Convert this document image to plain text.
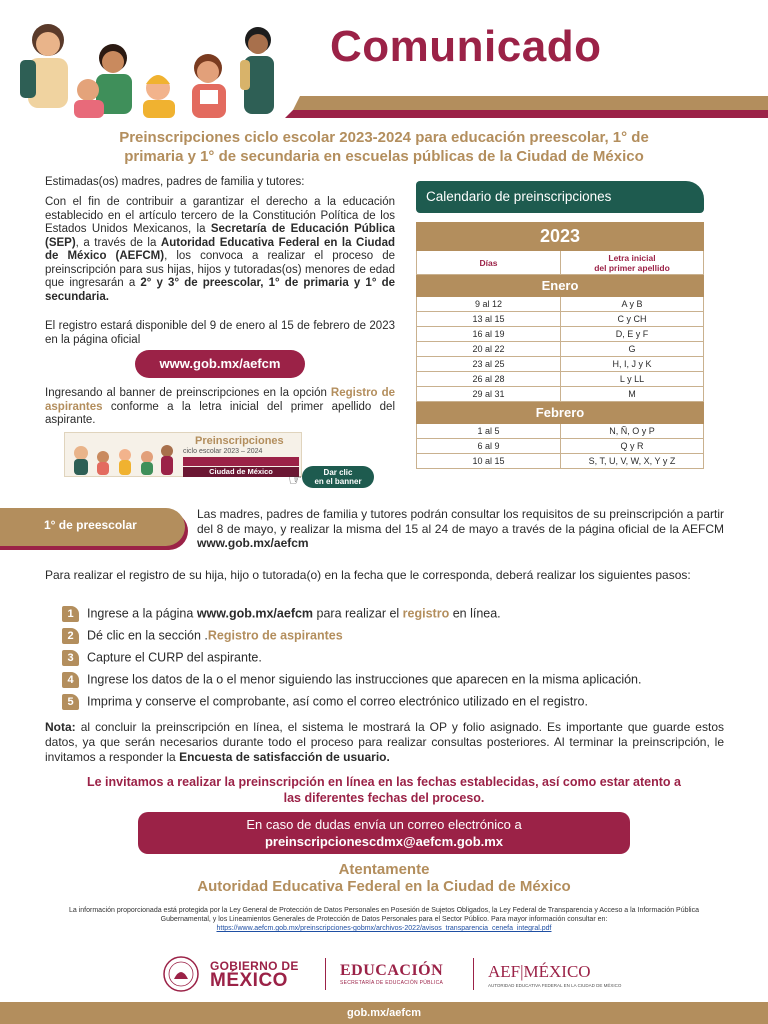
Comunicado
Preinscripciones ciclo escolar 2023-2024 para educación preescolar, 1° de
primaria y 1° de secundaria en escuelas públicas de la Ciudad de México
Estimadas(os) madres, padres de familia y tutores:
Con el fin de contribuir a garantizar el derecho a la educación establecido en el artículo tercero de la Constitución Política de los Estados Unidos Mexicanos, la Secretaría de Educación Pública (SEP), a través de la Autoridad Educativa Federal en la Ciudad de México (AEFCM), los convoca a realizar el proceso de preinscripción para sus hijas, hijos y tutoradas(os) menores de edad que ingresarán a 2° y 3° de preescolar, 1° de primaria y 1° de secundaria.
El registro estará disponible del 9 de enero al 15 de febrero de 2023 en la página oficial
www.gob.mx/aefcm
Ingresando al banner de preinscripciones en la opción Registro de aspirantes conforme a la letra inicial del primer apellido del aspirante.
Preinscripciones
ciclo escolar 2023 – 2024
Ciudad de México	Dar clic
en el banner
☞
Calendario de preinscripciones
2023	
Días	Letra inicial
del primer apellido

Enero	
9 al 12	A y B
13 al 15	C y CH
16 al 19	D, E y F
20 al 22	G
23 al 25	H, I, J y K
26 al 28	L y LL
29 al 31	M
Febrero	
1 al 5	N, Ñ, O y P
6 al 9	Q y R
10 al 15	S, T, U, V, W, X, Y y Z
1° de preescolar
Las madres, padres de familia y tutores podrán consultar los requisitos de su preinscripción a partir del 8 de mayo, y realizar la misma del 15 al 24 de mayo a través de la página oficial de la AEFCM www.gob.mx/aefcm
Para realizar el registro de su hija, hijo o tutorada(o) en la fecha que le corresponda, deberá realizar los siguientes pasos:
1 Ingrese a la página www.gob.mx/aefcm para realizar el registro en línea.
2 Dé clic en la sección .Registro de aspirantes
3 Capture el CURP del aspirante.
4 Ingrese los datos de la o el menor siguiendo las instrucciones que aparecen en la misma aplicación.
5 Imprima y conserve el comprobante, así como el correo electrónico utilizado en el registro.
Nota: al concluir la preinscripción en línea, el sistema le mostrará la OP y folio asignado. Es importante que guarde estos datos, ya que serán necesarios durante todo el proceso para realizar consultas posteriores. Al terminar la preinscripción, le invitamos a responder la Encuesta de satisfacción de usuario.
Le invitamos a realizar la preinscripción en línea en las fechas establecidas, así como estar atento a
las diferentes fechas del proceso.
En caso de dudas envía un correo electrónico a
preinscripcionescdmx@aefcm.gob.mx
Atentamente
Autoridad Educativa Federal en la Ciudad de México
La información proporcionada está protegida por la Ley General de Protección de Datos Personales en Posesión de Sujetos Obligados, la Ley Federal de Transparencia y Acceso a la Información Pública Gubernamental, y los Lineamientos Generales de Protección de Datos Personales para el Sector Público. Para mayor información consultar en:
https://www.aefcm.gob.mx/preinscripciones-gobmx/archivos-2022/avisos_transparencia_cenefa_integral.pdf
GOBIERNO DE
MÉXICO	EDUCACIÓN
SECRETARÍA DE EDUCACIÓN PÚBLICA
AEF|MÉXICO
AUTORIDAD EDUCATIVA FEDERAL EN LA CIUDAD DE MÉXICO
gob.mx/aefcm
